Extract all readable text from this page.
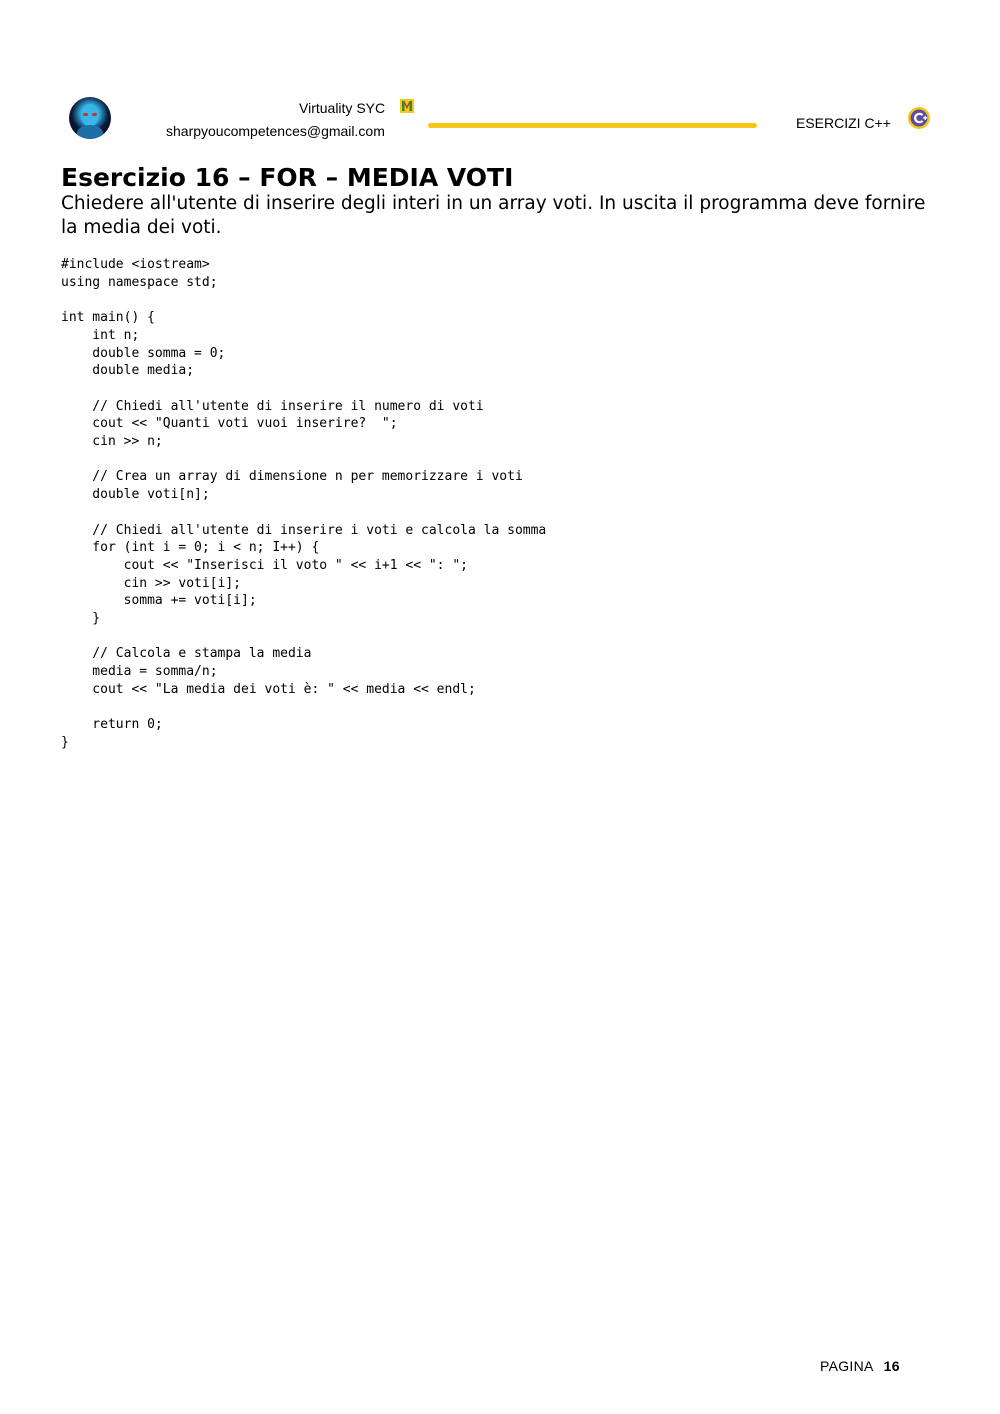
Virtuality SYC
sharpyoucompetences@gmail.com	ESERCIZI C++
Esercizio 16 – FOR – MEDIA VOTI

Chiedere all'utente di inserire degli interi in un array voti. In uscita il programma deve fornire la media dei voti.

#include <iostream>
using namespace std;

int main() {
int n;
double somma = 0;
double media;

// Chiedi all'utente di inserire il numero di voti
cout << "Quanti voti vuoi inserire?  ";
cin >> n;

// Crea un array di dimensione n per memorizzare i voti
double voti[n];

// Chiedi all'utente di inserire i voti e calcola la somma
for (int i = 0; i < n; I++) {
cout << "Inserisci il voto " << i+1 << ": ";
cin >> voti[i];
somma += voti[i];
}

// Calcola e stampa la media
media = somma/n;
cout << "La media dei voti è: " << media << endl;

return 0;
}
PAGINA 16
